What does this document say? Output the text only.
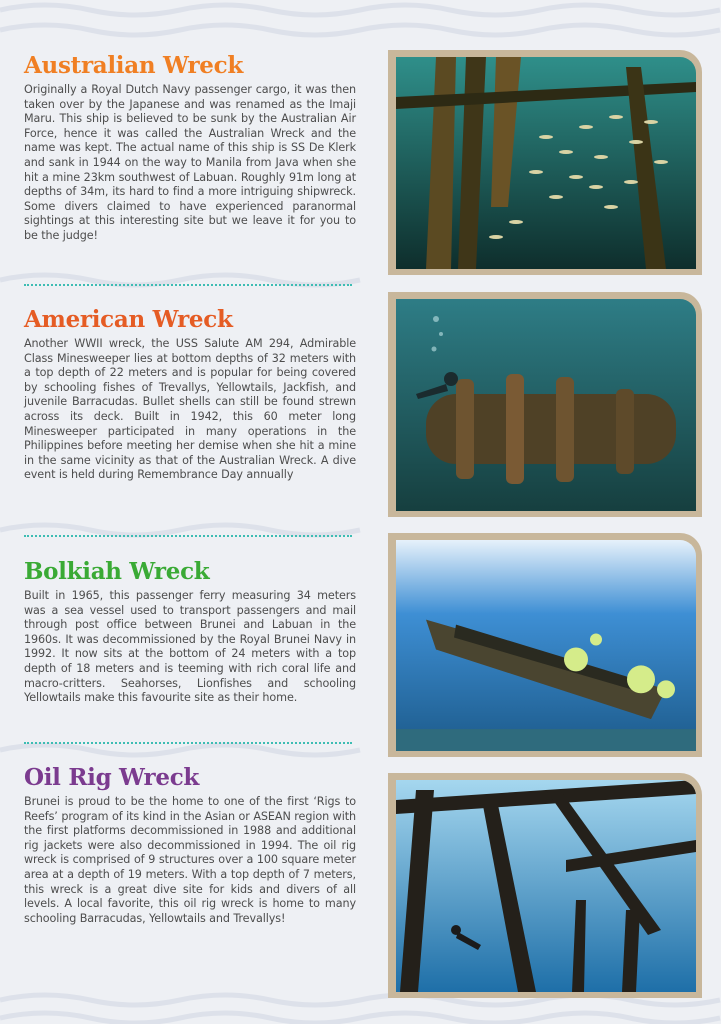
Australian Wreck

Originally a Royal Dutch Navy passenger cargo, it was then taken over by the Japanese and was renamed as the Imaji Maru. This ship is believed to be sunk by the Australian Air Force, hence it was called the Australian Wreck and the name was kept. The actual name of this ship is SS De Klerk and sank in 1944 on the way to Manila from Java when she hit a mine 23km southwest of Labuan. Roughly 91m long at depths of 34m, its hard to find a more intriguing shipwreck. Some divers claimed to have experienced paranormal sightings at this interesting site but we leave it for you to be the judge!

American Wreck

Another WWII wreck, the USS Salute AM 294, Admirable Class Minesweeper lies at bottom depths of 32 meters with a top depth of 22 meters and is popular for being covered by schooling fishes of Trevallys, Yellowtails, Jackfish, and juvenile Barracudas. Bullet shells can still be found strewn across its deck. Built in 1942, this 60 meter long Minesweeper participated in many operations in the Philippines before meeting her demise when she hit a mine in the same vicinity as that of the Australian Wreck. A dive event is held during Remembrance Day annually

Bolkiah Wreck

Built in 1965, this passenger ferry measuring 34 meters was a sea vessel used to transport passengers and mail through post office between Brunei and Labuan in the 1960s. It was decommissioned by the Royal Brunei Navy in 1992. It now sits at the bottom of 24 meters with a top depth of 18 meters and is teeming with rich coral life and macro-critters. Seahorses, Lionfishes and schooling Yellowtails make this favourite site as their home.

Oil Rig Wreck

Brunei is proud to be the home to one of the first ‘Rigs to Reefs’ program of its kind in the Asian or ASEAN region with the first platforms decommissioned in 1988 and additional rig jackets were also decommissioned in 1994. The oil rig wreck is comprised of 9 structures over a 100 square meter area at a depth of 19 meters. With a top depth of 7 meters, this wreck is a great dive site for kids and divers of all levels. A local favorite, this oil rig wreck is home to many schooling Barracudas, Yellowtails and Trevallys!
